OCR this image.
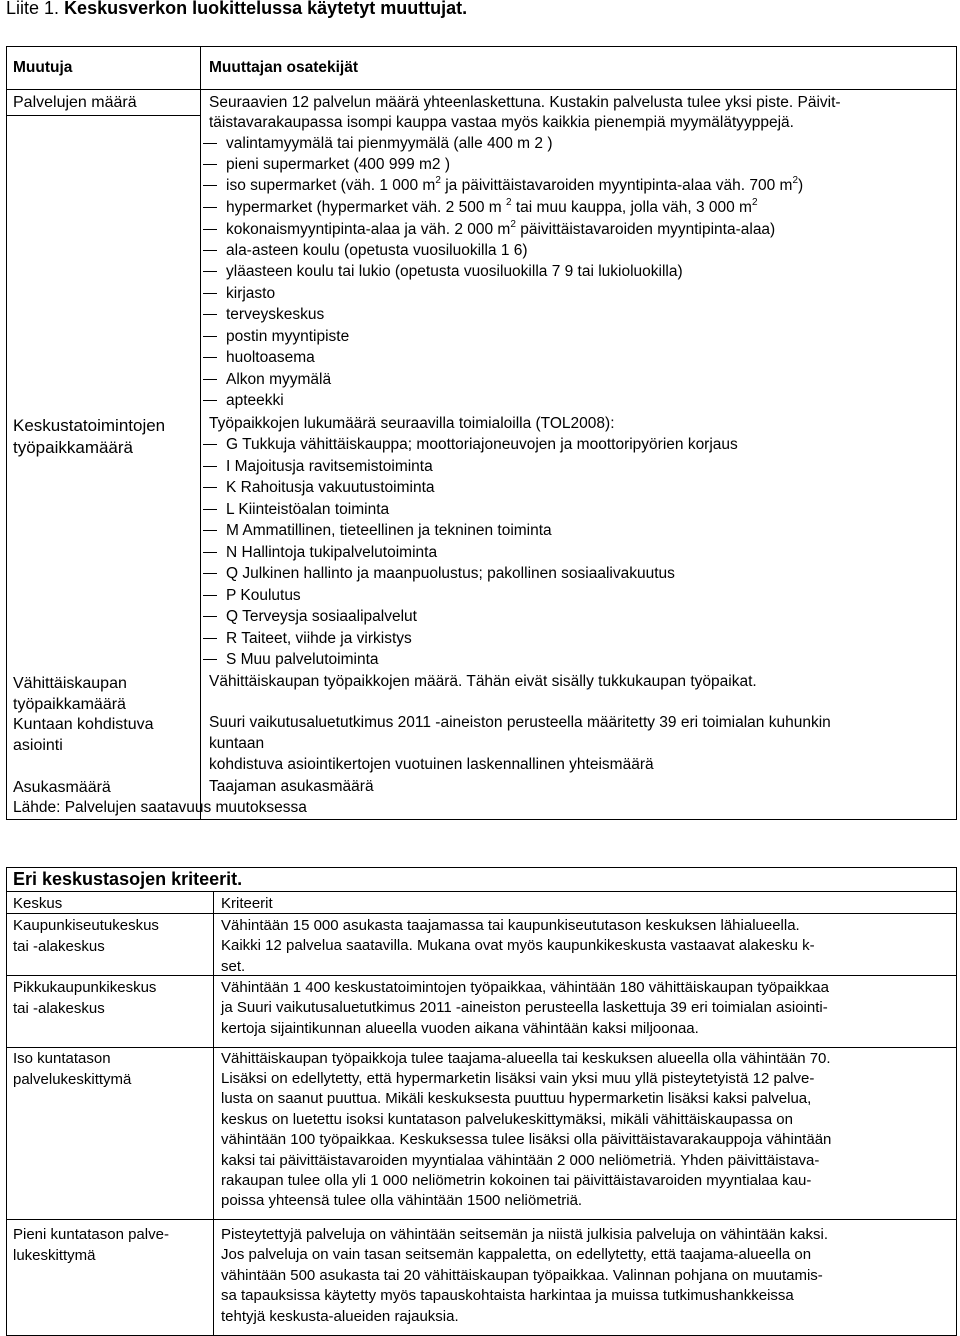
Liite 1. Keskusverkon luokittelussa käytetyt muuttujat.
Muutuja	Muuttajan osatekijät
Palvelujen määrä
Keskustatoimintojen
työpaikkamäärä
Vähittäiskaupan
työpaikkamäärä
Kuntaan kohdistuva
asiointi
Asukasmäärä
Seuraavien 12 palvelun määrä yhteenlaskettuna. Kustakin palvelusta tulee yksi piste. Päivit-
täistavarakaupassa isompi kauppa vastaa myös kaikkia pienempiä myymälätyyppejä.
valintamyymälä tai pienmyymälä (alle 400 m 2 )
pieni supermarket (400 999 m2 )
iso supermarket (väh. 1 000 $m^2$ ja päivittäistavaroiden myyntipinta-alaa väh. 700 $m^2$)
hypermarket (hypermarket väh. 2 500 m $^2$ tai muu kauppa, jolla väh, 3 000 $m^2$
kokonaismyyntipinta-alaa ja väh. 2 000 $m^2$ päivittäistavaroiden myyntipinta-alaa)
ala-asteen koulu (opetusta vuosiluokilla 1 6)
yläasteen koulu tai lukio (opetusta vuosiluokilla 7 9 tai lukioluokilla)
kirjasto
terveyskeskus
postin myyntipiste
huoltoasema
Alkon myymälä
apteekki
Työpaikkojen lukumäärä seuraavilla toimialoilla (TOL2008):
G Tukkuja vähittäiskauppa; moottoriajoneuvojen ja moottoripyörien korjaus
I Majoitusja ravitsemistoiminta
K Rahoitusja vakuutustoiminta
L Kiinteistöalan toiminta
M Ammatillinen, tieteellinen ja tekninen toiminta
N Hallintoja tukipalvelutoiminta
Q Julkinen hallinto ja maanpuolustus; pakollinen sosiaalivakuutus
P Koulutus
Q Terveysja sosiaalipalvelut
R Taiteet, viihde ja virkistys
S Muu palvelutoiminta
Vähittäiskaupan työpaikkojen määrä. Tähän eivät sisälly tukkukaupan työpaikat.
Suuri vaikutusaluetutkimus 2011 -aineiston perusteella määritetty 39 eri toimialan kuhunkin
kuntaan
kohdistuva asiointikertojen vuotuinen laskennallinen yhteismäärä
Taajaman asukasmäärä
Lähde: Palvelujen saatavuus muutoksessa
Eri keskustasojen kriteerit.
Keskus	Kriteerit
Kaupunkiseutukeskus
tai -alakeskus
Vähintään 15 000 asukasta taajamassa tai kaupunkiseututason keskuksen lähialueella.
Kaikki 12 palvelua saatavilla. Mukana ovat myös kaupunkikeskusta vastaavat alakesku k-
set.
Pikkukaupunkikeskus
tai -alakeskus
Vähintään 1 400 keskustatoimintojen työpaikkaa, vähintään 180 vähittäiskaupan työpaikkaa
ja Suuri vaikutusaluetutkimus 2011 -aineiston perusteella laskettuja 39 eri toimialan asiointi-
kertoja sijaintikunnan alueella vuoden aikana vähintään kaksi miljoonaa.
Iso kuntatason
palvelukeskittymä
Vähittäiskaupan työpaikkoja tulee taajama-alueella tai keskuksen alueella olla vähintään 70.
Lisäksi on edellytetty, että hypermarketin lisäksi vain yksi muu yllä pisteytetyistä 12 palve-
lusta on saanut puuttua. Mikäli keskuksesta puuttuu hypermarketin lisäksi kaksi palvelua,
keskus on luetettu isoksi kuntatason palvelukeskittymäksi, mikäli vähittäiskaupassa on
vähintään 100 työpaikkaa. Keskuksessa tulee lisäksi olla päivittäistavarakauppoja vähintään
kaksi tai päivittäistavaroiden myyntialaa vähintään 2 000 neliömetriä. Yhden päivittäistava-
rakaupan tulee olla yli 1 000 neliömetrin kokoinen tai päivittäistavaroiden myyntialaa kau-
poissa yhteensä tulee olla vähintään 1500 neliömetriä.
Pieni kuntatason palve-
lukeskittymä
Pisteytettyjä palveluja on vähintään seitsemän ja niistä julkisia palveluja on vähintään kaksi.
Jos palveluja on vain tasan seitsemän kappaletta, on edellytetty, että taajama-alueella on
vähintään 500 asukasta tai 20 vähittäiskaupan työpaikkaa. Valinnan pohjana on muutamis-
sa tapauksissa käytetty myös tapauskohtaista harkintaa ja muissa tutkimushankkeissa
tehtyjä keskusta-alueiden rajauksia.
